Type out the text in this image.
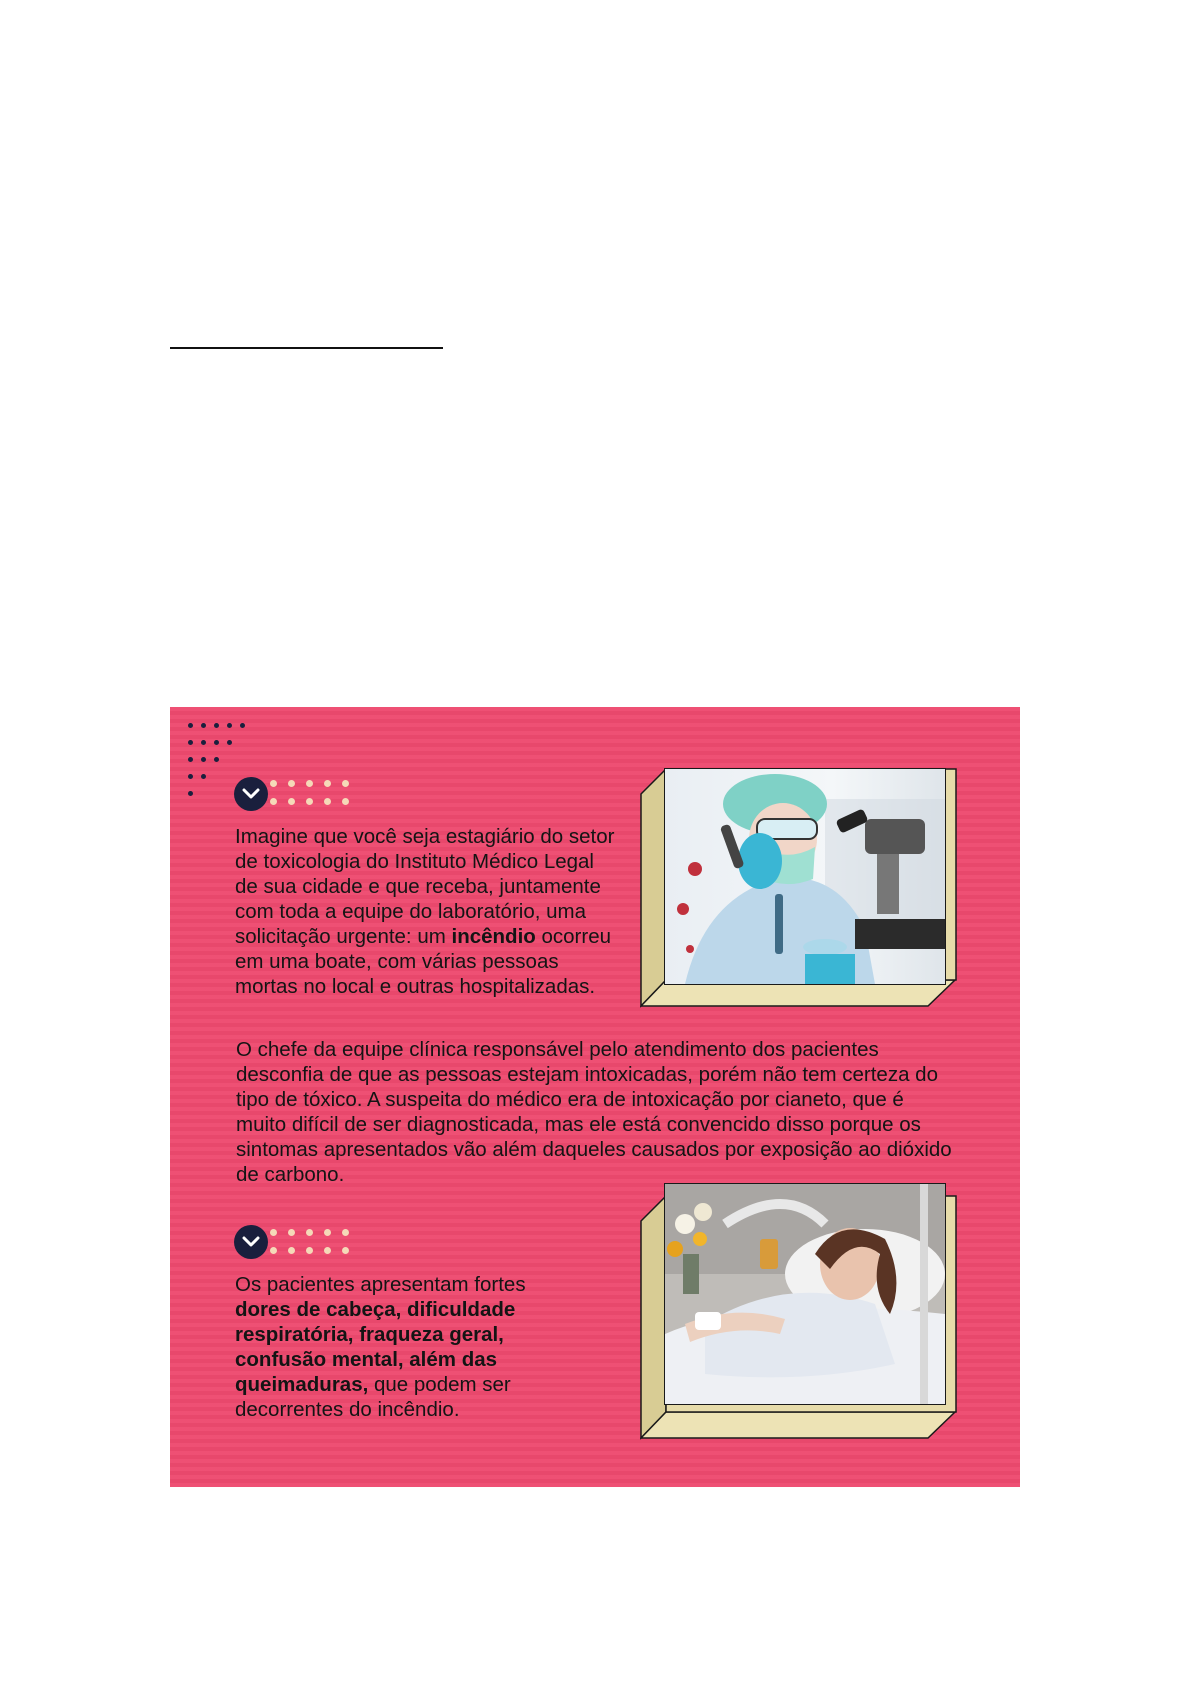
Imagine que você seja estagiário do setor de toxicologia do Instituto Médico Legal de sua cidade e que receba, juntamente com toda a equipe do laboratório, uma solicitação urgente: um incêndio ocorreu em uma boate, com várias pessoas mortas no local e outras hospitalizadas.
O chefe da equipe clínica responsável pelo atendimento dos pacientes desconfia de que as pessoas estejam intoxicadas, porém não tem certeza do tipo de tóxico. A suspeita do médico era de intoxicação por cianeto, que é muito difícil de ser diagnosticada, mas ele está convencido disso porque os sintomas apresentados vão além daqueles causados por exposição ao dióxido de carbono.
Os pacientes apresentam fortes dores de cabeça, dificuldade respiratória, fraqueza geral, confusão mental, além das queimaduras, que podem ser decorrentes do incêndio.
